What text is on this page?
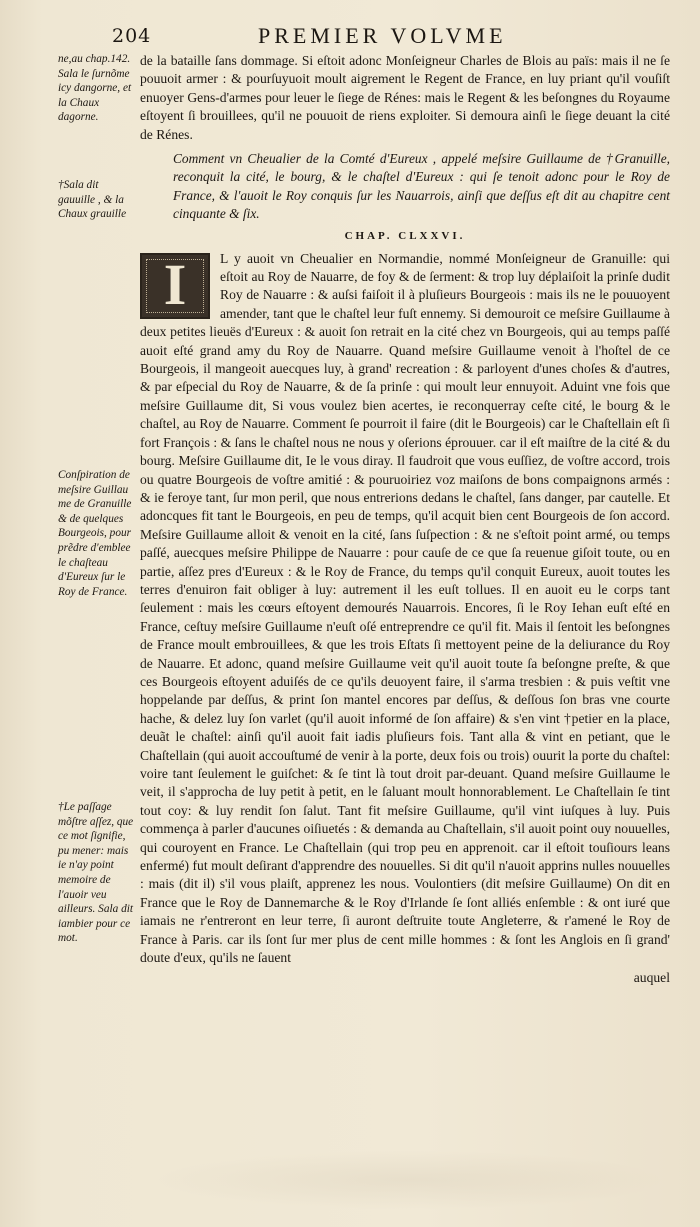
204	PREMIER VOLVME

ne,au chap.142. Sala le ſurnõme icy dangorne, et la Chaux dagorne.

†Sala dit gauuille , & la Chaux grauille

Conſpiration de meſsire Guillau me de Granuille & de quelques Bourgeois, pour prẽdre d'emblee le chaſteau d'Eureux ſur le Roy de France.

†Le paſſage mõſtre aſſez, que ce mot ſignifie, pu mener: mais ie n'ay point memoire de l'auoir veu ailleurs. Sala dit iambier pour ce mot.

de la bataille ſans dommage. Si eſtoit adonc Monſeigneur Charles de Blois au païs: mais il ne ſe pouuoit armer : & pourſuyuoit moult aigrement le Regent de France, en luy priant qu'il vouſiſt enuoyer Gens-d'armes pour leuer le ſiege de Rénes: mais le Regent & les beſongnes du Royaume eſtoyent ſi brouillees, qu'il ne pouuoit de riens exploiter. Si demoura ainſi le ſiege deuant la cité de Rénes.

Comment vn Cheualier de la Comté d'Eureux , appelé meſsire Guillaume de †Granuille, reconquit la cité, le bourg, & le chaſtel d'Eureux : qui ſe tenoit adonc pour le Roy de France, & l'auoit le Roy conquis ſur les Nauarrois, ainſi que deſſus eſt dit au chapitre cent cinquante & ſix.

CHAP. CLXXVI.

I	L y auoit vn Cheualier en Normandie, nommé Monſeigneur de Granuille: qui eſtoit au Roy de Nauarre, de foy & de ſerment: & trop luy déplaiſoit la prinſe dudit Roy de Nauarre : & auſsi faiſoit il à pluſieurs Bourgeois : mais ils ne le pouuoyent amender, tant que le chaſtel leur fuſt ennemy. Si demouroit ce meſsire Guillaume à deux petites lieuës d'Eureux : & auoit ſon retrait en la cité chez vn Bourgeois, qui au temps paſſé auoit eſté grand amy du Roy de Nauarre. Quand meſsire Guillaume venoit à l'hoſtel de ce Bourgeois, il mangeoit auecques luy, à grand' recreation : & parloyent d'unes choſes & d'autres, & par eſpecial du Roy de Nauarre, & de ſa prinſe : qui moult leur ennuyoit. Aduint vne fois que meſsire Guillaume dit, Si vous voulez bien acertes, ie reconquerray ceſte cité, le bourg & le chaſtel, au Roy de Nauarre. Comment ſe pourroit il faire (dit le Bourgeois) car le Chaſtellain eſt ſi fort François : & ſans le chaſtel nous ne nous y oſerions éprouuer. car il eſt maiſtre de la cité & du bourg. Meſsire Guillaume dit, Ie le vous diray. Il faudroit que vous euſſiez, de voſtre accord, trois ou quatre Bourgeois de voſtre amitié : & pouruoiriez voz maiſons de bons compaignons armés : & ie feroye tant, ſur mon peril, que nous entrerions dedans le chaſtel, ſans danger, par cautelle. Et adoncques fit tant le Bourgeois, en peu de temps, qu'il acquit bien cent Bourgeois de ſon accord. Meſsire Guillaume alloit & venoit en la cité, ſans ſuſpection : & ne s'eſtoit point armé, ou temps paſſé, auecques meſsire Philippe de Nauarre : pour cauſe de ce que ſa reuenue giſoit toute, ou en partie, aſſez pres d'Eureux : & le Roy de France, du temps qu'il conquit Eureux, auoit toutes les terres d'enuiron fait obliger à luy: autrement il les euſt tollues. Il en auoit eu le corps tant ſeulement : mais les cœurs eſtoyent demourés Nauarrois. Encores, ſi le Roy Iehan euſt eſté en France, ceſtuy meſsire Guillaume n'euſt oſé entreprendre ce qu'il fit. Mais il ſentoit les beſongnes de France moult embrouillees, & que les trois Eſtats ſi mettoyent peine de la deliurance du Roy de Nauarre. Et adonc, quand meſsire Guillaume veit qu'il auoit toute ſa beſongne preſte, & que ces Bourgeois eſtoyent aduiſés de ce qu'ils deuoyent faire, il s'arma tresbien : & puis veſtit vne hoppelande par deſſus, & print ſon mantel encores par deſſus, & deſſous ſon bras vne courte hache, & delez luy ſon varlet (qu'il auoit informé de ſon affaire) & s'en vint †petier en la place, deuãt le chaſtel: ainſi qu'il auoit fait iadis pluſieurs fois. Tant alla & vint en petiant, que le Chaſtellain (qui auoit accouſtumé de venir à la porte, deux fois ou trois) ouurit la porte du chaſtel: voire tant ſeulement le guiſchet: & ſe tint là tout droit par-deuant. Quand meſsire Guillaume le veit, il s'approcha de luy petit à petit, en le ſaluant moult honnorablement. Le Chaſtellain ſe tint tout coy: & luy rendit ſon ſalut. Tant fit meſsire Guillaume, qu'il vint iuſques à luy. Puis commença à parler d'aucunes oiſiuetés : & demanda au Chaſtellain, s'il auoit point ouy nouuelles, qui couroyent en France. Le Chaſtellain (qui trop peu en apprenoit. car il eſtoit touſiours leans enfermé) fut moult deſirant d'apprendre des nouuelles. Si dit qu'il n'auoit apprins nulles nouuelles : mais (dit il) s'il vous plaiſt, apprenez les nous. Voulontiers (dit meſsire Guillaume) On dit en France que le Roy de Dannemarche & le Roy d'Irlande ſe ſont alliés enſemble : & ont iuré que iamais ne r'entreront en leur terre, ſi auront deſtruite toute Angleterre, & r'amené le Roy de France à Paris. car ils ſont ſur mer plus de cent mille hommes : & ſont les Anglois en ſi grand' doute d'eux, qu'ils ne ſauent

auquel
